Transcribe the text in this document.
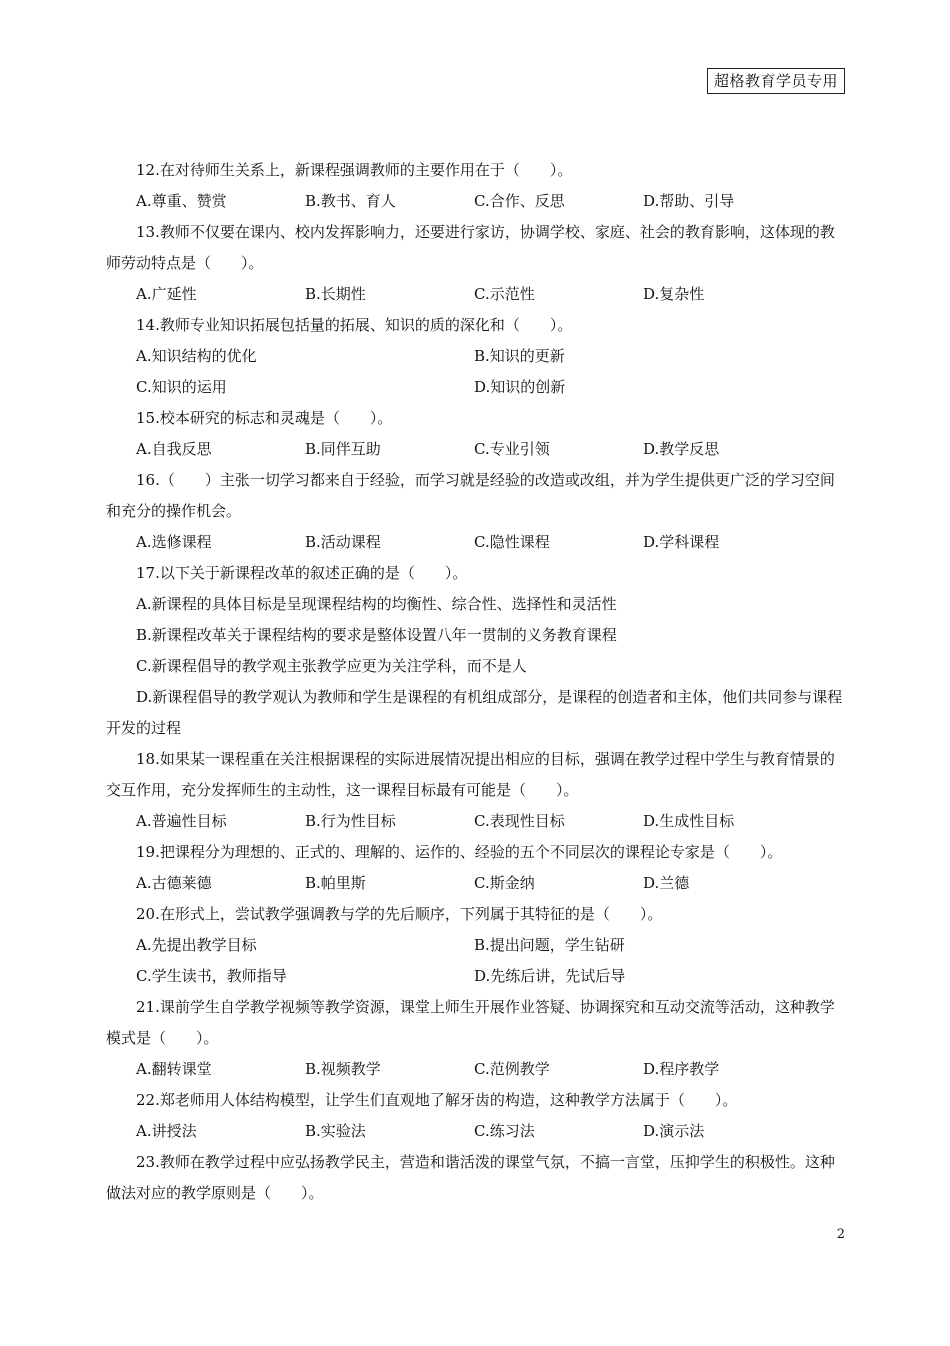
超格教育学员专用

12.在对待师生关系上，新课程强调教师的主要作用在于（　　）。

A.尊重、赞赏	B.教书、育人	C.合作、反思	D.帮助、引导

13.教师不仅要在课内、校内发挥影响力，还要进行家访，协调学校、家庭、社会的教育影响，这体现的教师劳动特点是（　　）。

A.广延性	B.长期性	C.示范性	D.复杂性

14.教师专业知识拓展包括量的拓展、知识的质的深化和（　　）。

A.知识结构的优化	B.知识的更新
C.知识的运用	D.知识的创新

15.校本研究的标志和灵魂是（　　）。

A.自我反思	B.同伴互助	C.专业引领	D.教学反思

16.（　　）主张一切学习都来自于经验，而学习就是经验的改造或改组，并为学生提供更广泛的学习空间和充分的操作机会。

A.选修课程	B.活动课程	C.隐性课程	D.学科课程

17.以下关于新课程改革的叙述正确的是（　　）。

A.新课程的具体目标是呈现课程结构的均衡性、综合性、选择性和灵活性

B.新课程改革关于课程结构的要求是整体设置八年一贯制的义务教育课程

C.新课程倡导的教学观主张教学应更为关注学科，而不是人

D.新课程倡导的教学观认为教师和学生是课程的有机组成部分，是课程的创造者和主体，他们共同参与课程开发的过程

18.如果某一课程重在关注根据课程的实际进展情况提出相应的目标，强调在教学过程中学生与教育情景的交互作用，充分发挥师生的主动性，这一课程目标最有可能是（　　）。

A.普遍性目标	B.行为性目标	C.表现性目标	D.生成性目标

19.把课程分为理想的、正式的、理解的、运作的、经验的五个不同层次的课程论专家是（　　）。

A.古德莱德	B.帕里斯	C.斯金纳	D.兰德

20.在形式上，尝试教学强调教与学的先后顺序，下列属于其特征的是（　　）。

A.先提出教学目标	B.提出问题，学生钻研
C.学生读书，教师指导	D.先练后讲，先试后导

21.课前学生自学教学视频等教学资源，课堂上师生开展作业答疑、协调探究和互动交流等活动，这种教学模式是（　　）。

A.翻转课堂	B.视频教学	C.范例教学	D.程序教学

22.郑老师用人体结构模型，让学生们直观地了解牙齿的构造，这种教学方法属于（　　）。

A.讲授法	B.实验法	C.练习法	D.演示法

23.教师在教学过程中应弘扬教学民主，营造和谐活泼的课堂气氛，不搞一言堂，压抑学生的积极性。这种做法对应的教学原则是（　　）。

2
